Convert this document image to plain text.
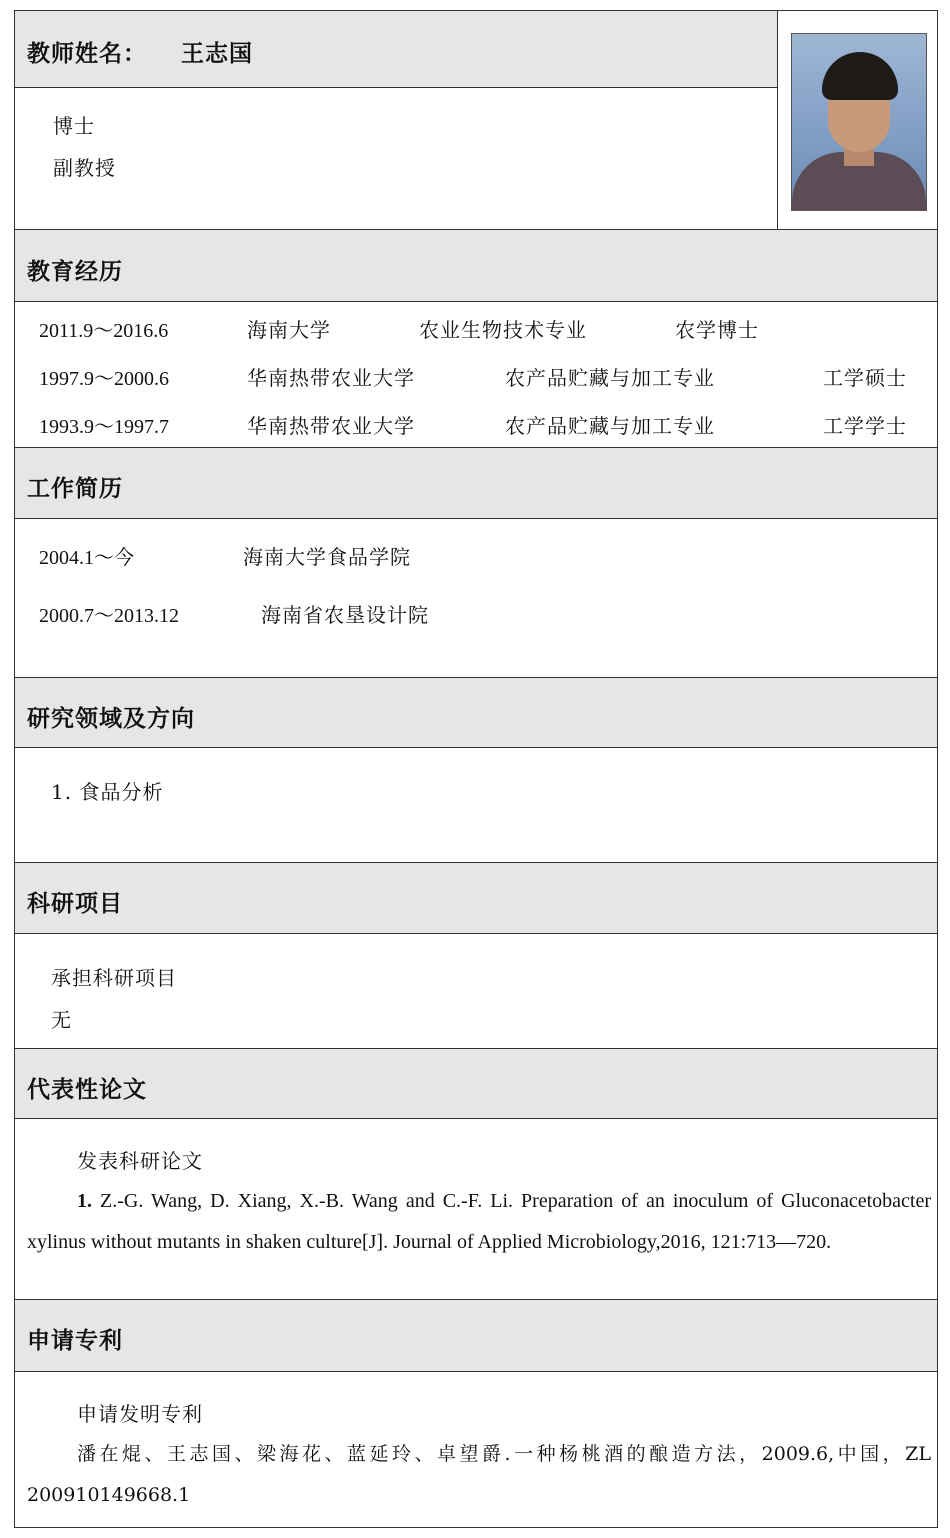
教师姓名： 王志国
博士
副教授
教育经历
2011.9～2016.6	海南大学	农业生物技术专业	农学博士
1997.9～2000.6	华南热带农业大学	农产品贮藏与加工专业	工学硕士
1993.9～1997.7	华南热带农业大学	农产品贮藏与加工专业	工学学士
工作简历
2004.1～今	海南大学食品学院
2000.7～2013.12	海南省农垦设计院
研究领域及方向
1. 食品分析
科研项目
承担科研项目
无
代表性论文
发表科研论文
1. Z.-G. Wang, D. Xiang, X.-B. Wang and C.-F. Li. Preparation of an inoculum of Gluconacetobacter xylinus without mutants in shaken culture[J]. Journal of Applied Microbiology,2016, 121:713—720.
申请专利
申请发明专利
潘在焜、王志国、梁海花、蓝延玲、卓望爵.一种杨桃酒的酿造方法，2009.6,中国，ZL 200910149668.1
